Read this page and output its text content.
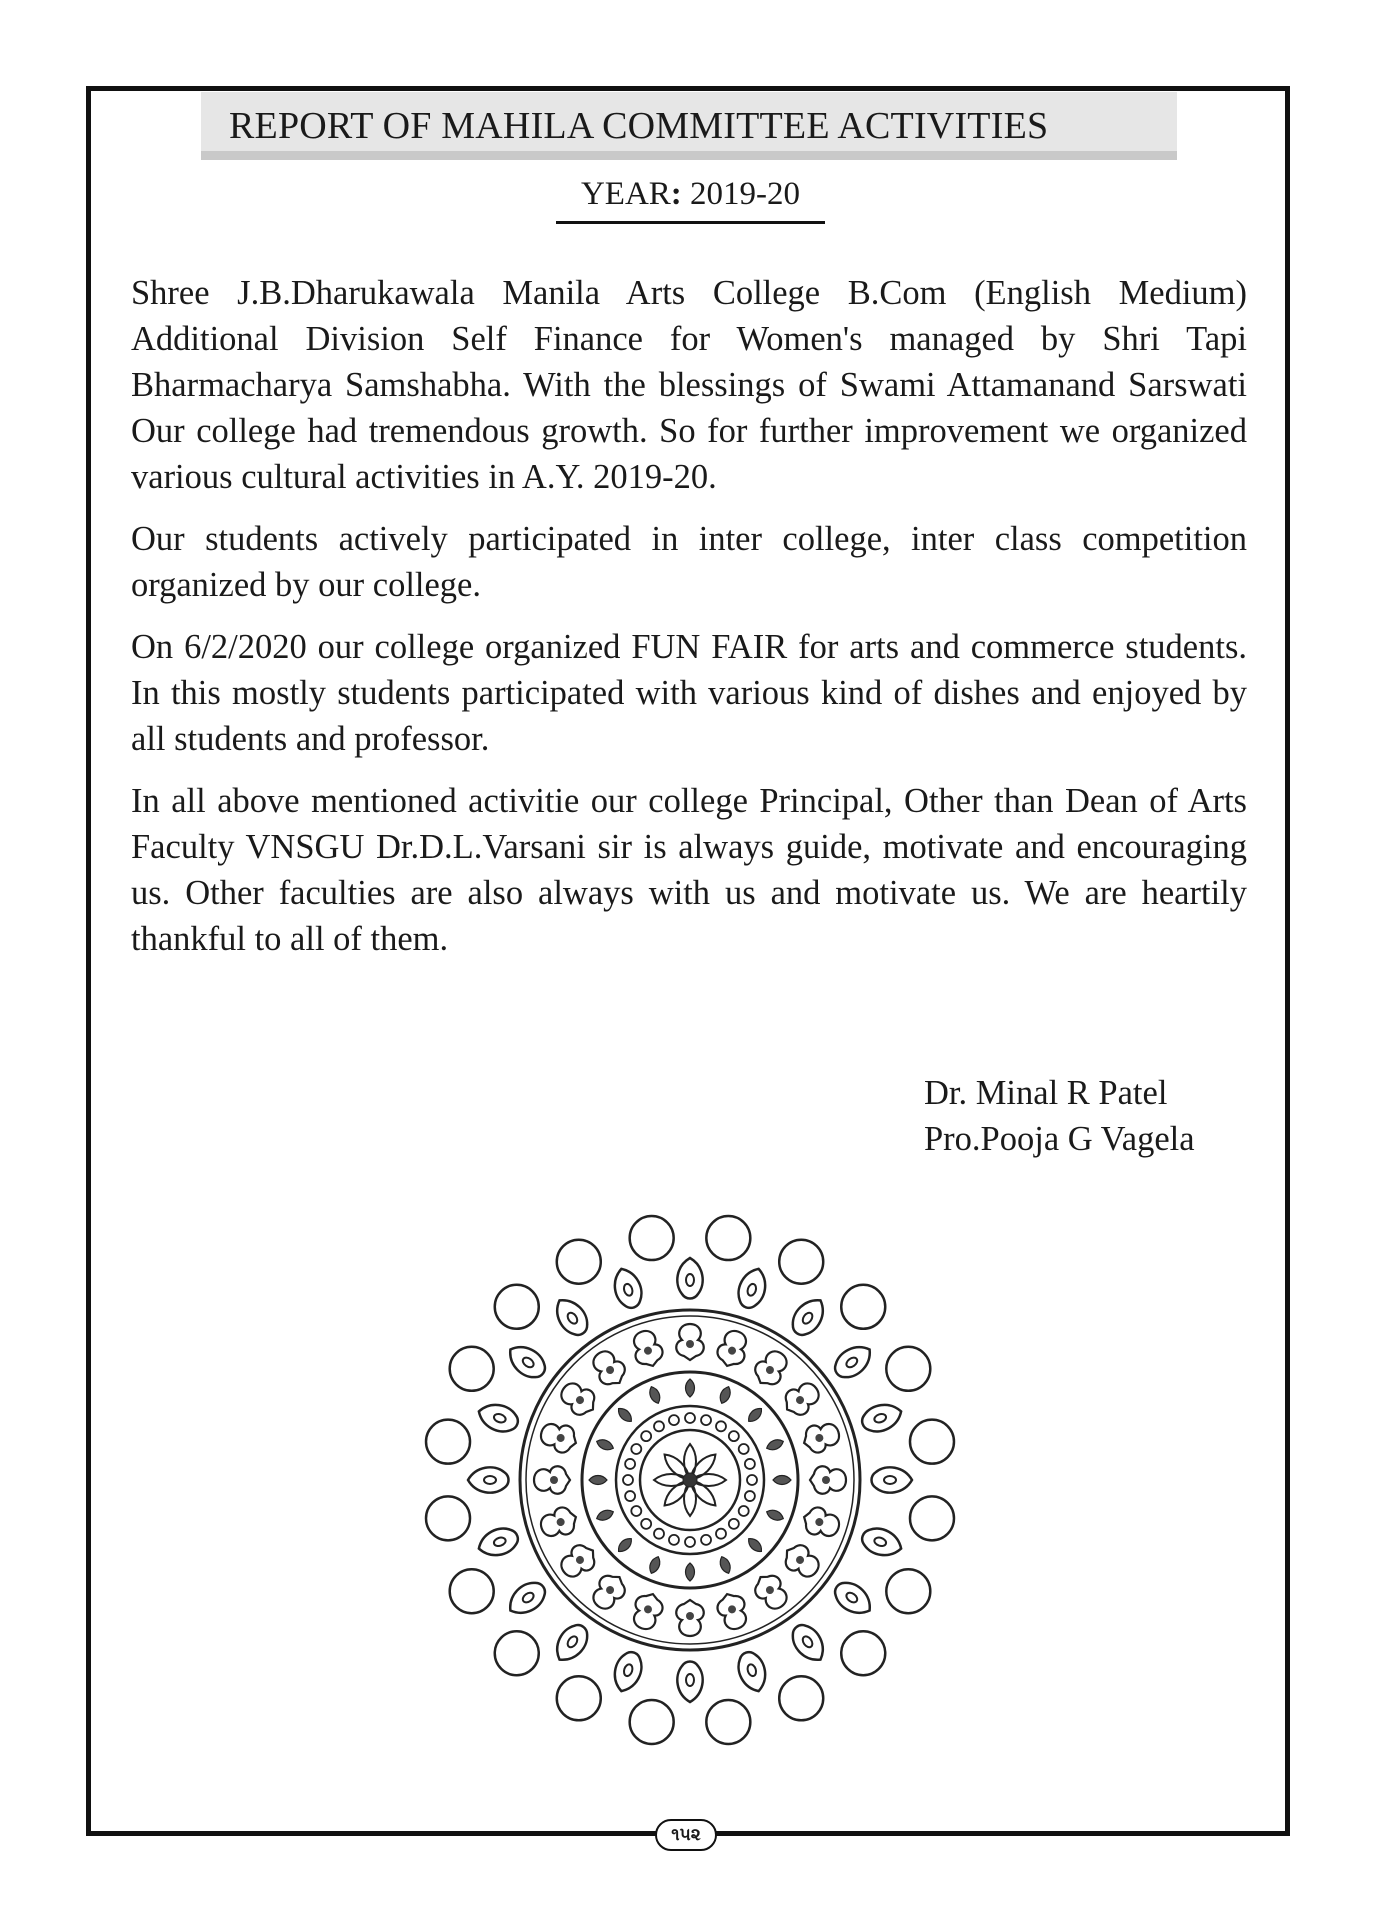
REPORT OF MAHILA COMMITTEE ACTIVITIES
YEAR: 2019-20

Shree J.B.Dharukawala Manila Arts College B.Com (English Medium) Additional Division Self Finance for Women's managed by Shri Tapi Bharmacharya Samshabha. With the blessings of Swami Attamanand Sarswati Our college had tremendous growth. So for further improvement we organized various cultural activities in A.Y. 2019-20.

Our students actively participated in inter college, inter class competition organized by our college.

On 6/2/2020 our college organized FUN FAIR for arts and commerce students. In this mostly students participated with various kind of dishes and enjoyed by all students and professor.

In all above mentioned activitie our college Principal, Other than Dean of Arts Faculty VNSGU Dr.D.L.Varsani sir is always guide, motivate and encouraging us. Other faculties are also always with us and motivate us. We are heartily thankful to all of them.

Dr. Minal R Patel
Pro.Pooja G Vagela
૧૫૨
